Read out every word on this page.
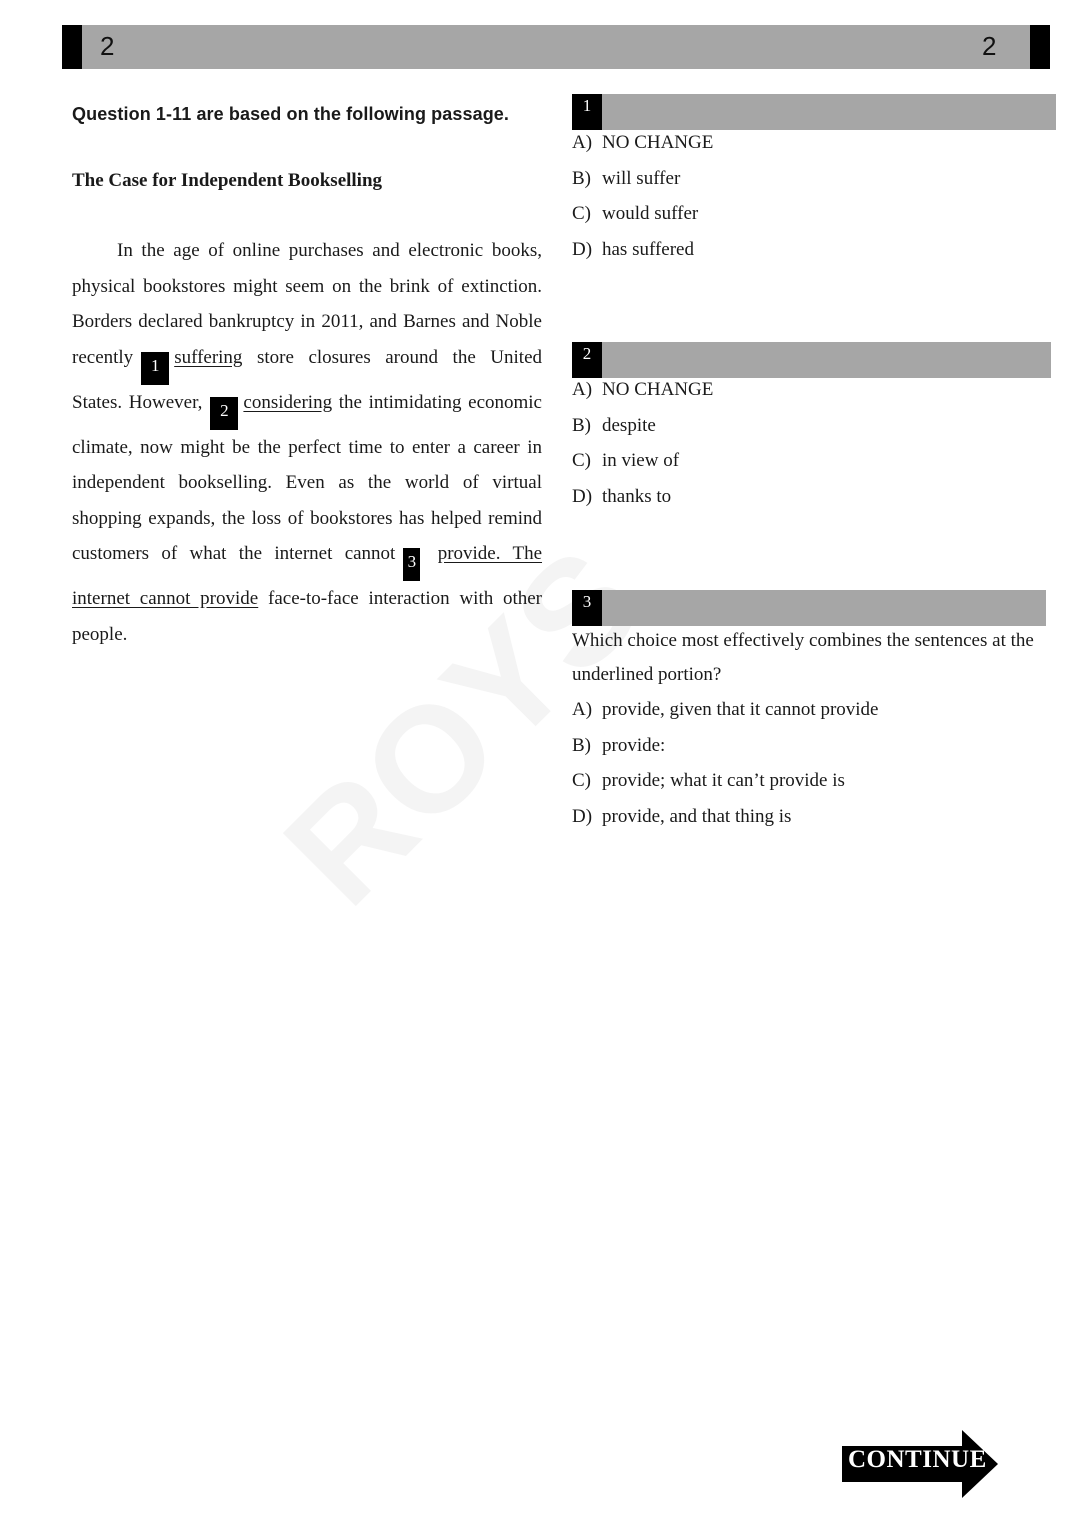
2	2
Question 1-11 are based on the following passage.
The Case for Independent Bookselling

In the age of online purchases and electronic books, physical bookstores might seem on the brink of extinction. Borders declared bankruptcy in 2011, and Barnes and Noble recently 1 suffering store closures around the United States. However, 2 considering the intimidating economic climate, now might be the perfect time to enter a career in independent bookselling. Even as the world of virtual shopping expands, the loss of bookstores has helped remind customers of what the internet cannot 3 provide. The internet cannot provide face-to-face interaction with other people.

1
A) NO CHANGE
B) will suffer
C) would suffer
D) has suffered
2
A) NO CHANGE
B) despite
C) in view of
D) thanks to
3
Which choice most effectively combines the sentences at the underlined portion?
A) provide, given that it cannot provide
B) provide:
C) provide; what it can’t provide is
D) provide, and that thing is
CONTINUE
